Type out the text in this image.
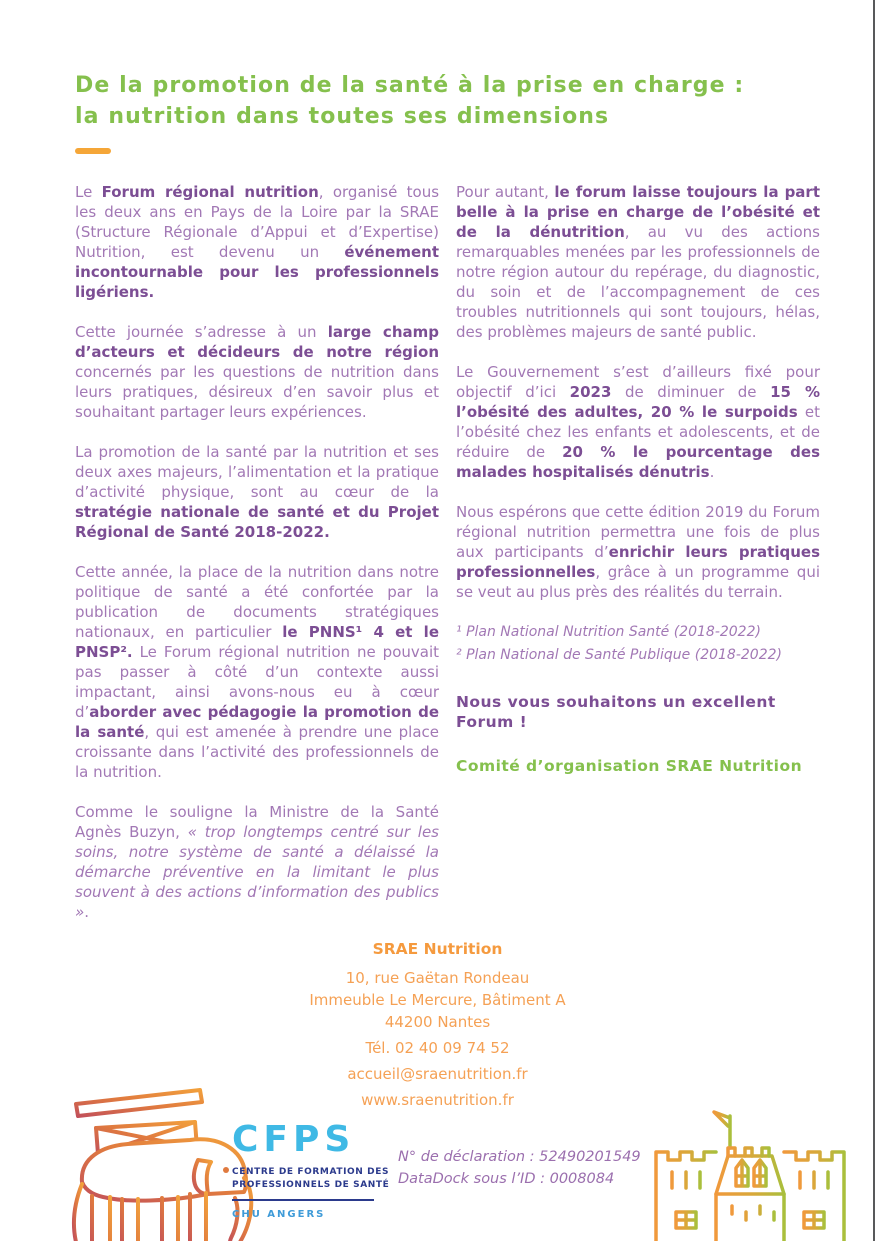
De la promotion de la santé à la prise en charge :
la nutrition dans toutes ses dimensions

Le Forum régional nutrition, organisé tous les deux ans en Pays de la Loire par la SRAE (Structure Régionale d’Appui et d’Expertise) Nutrition, est devenu un événement incontournable pour les professionnels ligériens.

Cette journée s’adresse à un large champ d’acteurs et décideurs de notre région concernés par les questions de nutrition dans leurs pratiques, désireux d’en savoir plus et souhaitant partager leurs expériences.

La promotion de la santé par la nutrition et ses deux axes majeurs, l’alimentation et la pratique d’activité physique, sont au cœur de la stratégie nationale de santé et du Projet Régional de Santé 2018-2022.

Cette année, la place de la nutrition dans notre politique de santé a été confortée par la publication de documents stratégiques nationaux, en particulier le PNNS¹ 4 et le PNSP². Le Forum régional nutrition ne pouvait pas passer à côté d’un contexte aussi impactant, ainsi avons-nous eu à cœur d’aborder avec pédagogie la promotion de la santé, qui est amenée à prendre une place croissante dans l’activité des professionnels de la nutrition.

Comme le souligne la Ministre de la Santé Agnès Buzyn, « trop longtemps centré sur les soins, notre système de santé a délaissé la démarche préventive en la limitant le plus souvent à des actions d’information des publics ».

Pour autant, le forum laisse toujours la part belle à la prise en charge de l’obésité et de la dénutrition, au vu des actions remarquables menées par les professionnels de notre région autour du repérage, du diagnostic, du soin et de l’accompagnement de ces troubles nutritionnels qui sont toujours, hélas, des problèmes majeurs de santé public.

Le Gouvernement s’est d’ailleurs fixé pour objectif d’ici 2023 de diminuer de 15 % l’obésité des adultes, 20 % le surpoids et l’obésité chez les enfants et adolescents, et de réduire de 20 % le pourcentage des malades hospitalisés dénutris.

Nous espérons que cette édition 2019 du Forum régional nutrition permettra une fois de plus aux participants d’enrichir leurs pratiques professionnelles, grâce à un programme qui se veut au plus près des réalités du terrain.

¹ Plan National Nutrition Santé (2018-2022)

² Plan National de Santé Publique (2018-2022)

Nous vous souhaitons un excellent Forum !

Comité d’organisation SRAE Nutrition

SRAE Nutrition
10, rue Gaëtan Rondeau
Immeuble Le Mercure, Bâtiment A
44200 Nantes
Tél. 02 40 09 74 52
accueil@sraenutrition.fr
www.sraenutrition.fr
CFPS
CENTRE DE FORMATION DES
PROFESSIONNELS DE SANTÉ
CHU ANGERS
N° de déclaration : 52490201549
DataDock sous l’ID : 0008084
